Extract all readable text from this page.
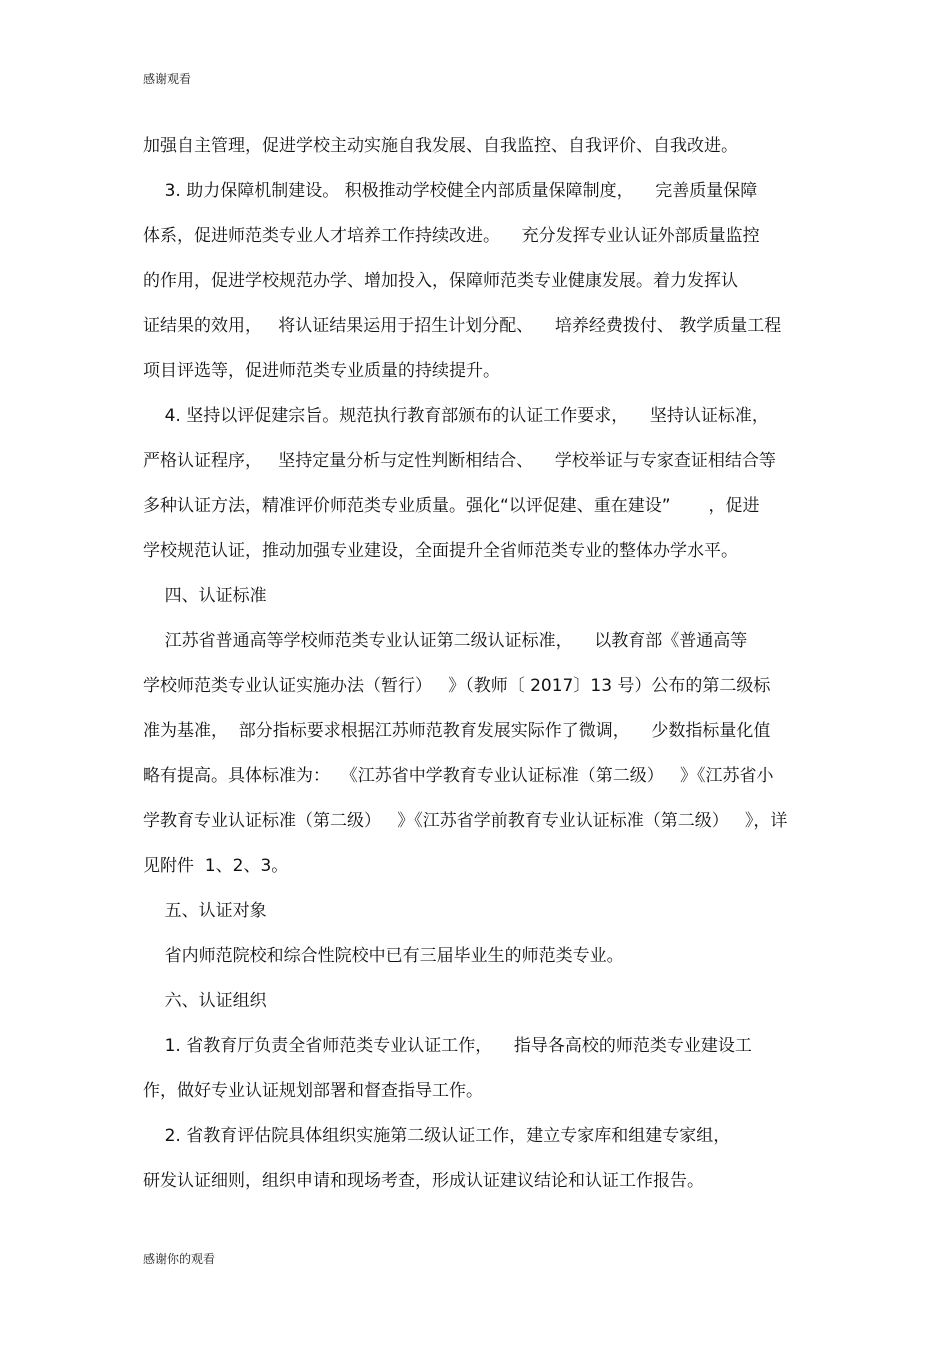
感谢观看
加强自主管理，促进学校主动实施自我发展、自我监控、自我评价、自我改进。
3. 助力保障机制建设。 积极推动学校健全内部质量保障制度，    完善质量保障
体系，促进师范类专业人才培养工作持续改进。    充分发挥专业认证外部质量监控
的作用，促进学校规范办学、增加投入，保障师范类专业健康发展。着力发挥认
证结果的效用，   将认证结果运用于招生计划分配、    培养经费拨付、 教学质量工程
项目评选等，促进师范类专业质量的持续提升。
4. 坚持以评促建宗旨。规范执行教育部颁布的认证工作要求，    坚持认证标准，
严格认证程序，   坚持定量分析与定性判断相结合、    学校举证与专家查证相结合等
多种认证方法，精准评价师范类专业质量。强化“以评促建、重在建设”       ，促进
学校规范认证，推动加强专业建设，全面提升全省师范类专业的整体办学水平。
四、认证标准
江苏省普通高等学校师范类专业认证第二级认证标准，    以教育部《普通高等
学校师范类专业认证实施办法（暂行）   》（教师〔 2017〕13 号）公布的第二级标
准为基准，  部分指标要求根据江苏师范教育发展实际作了微调，    少数指标量化值
略有提高。具体标准为：  《江苏省中学教育专业认证标准（第二级）   》《江苏省小
学教育专业认证标准（第二级）   》《江苏省学前教育专业认证标准（第二级）   》，详
见附件  1、2、3。
五、认证对象
省内师范院校和综合性院校中已有三届毕业生的师范类专业。
六、认证组织
1. 省教育厅负责全省师范类专业认证工作，    指导各高校的师范类专业建设工
作，做好专业认证规划部署和督查指导工作。
2. 省教育评估院具体组织实施第二级认证工作，建立专家库和组建专家组，
研发认证细则，组织申请和现场考查，形成认证建议结论和认证工作报告。
感谢你的观看
